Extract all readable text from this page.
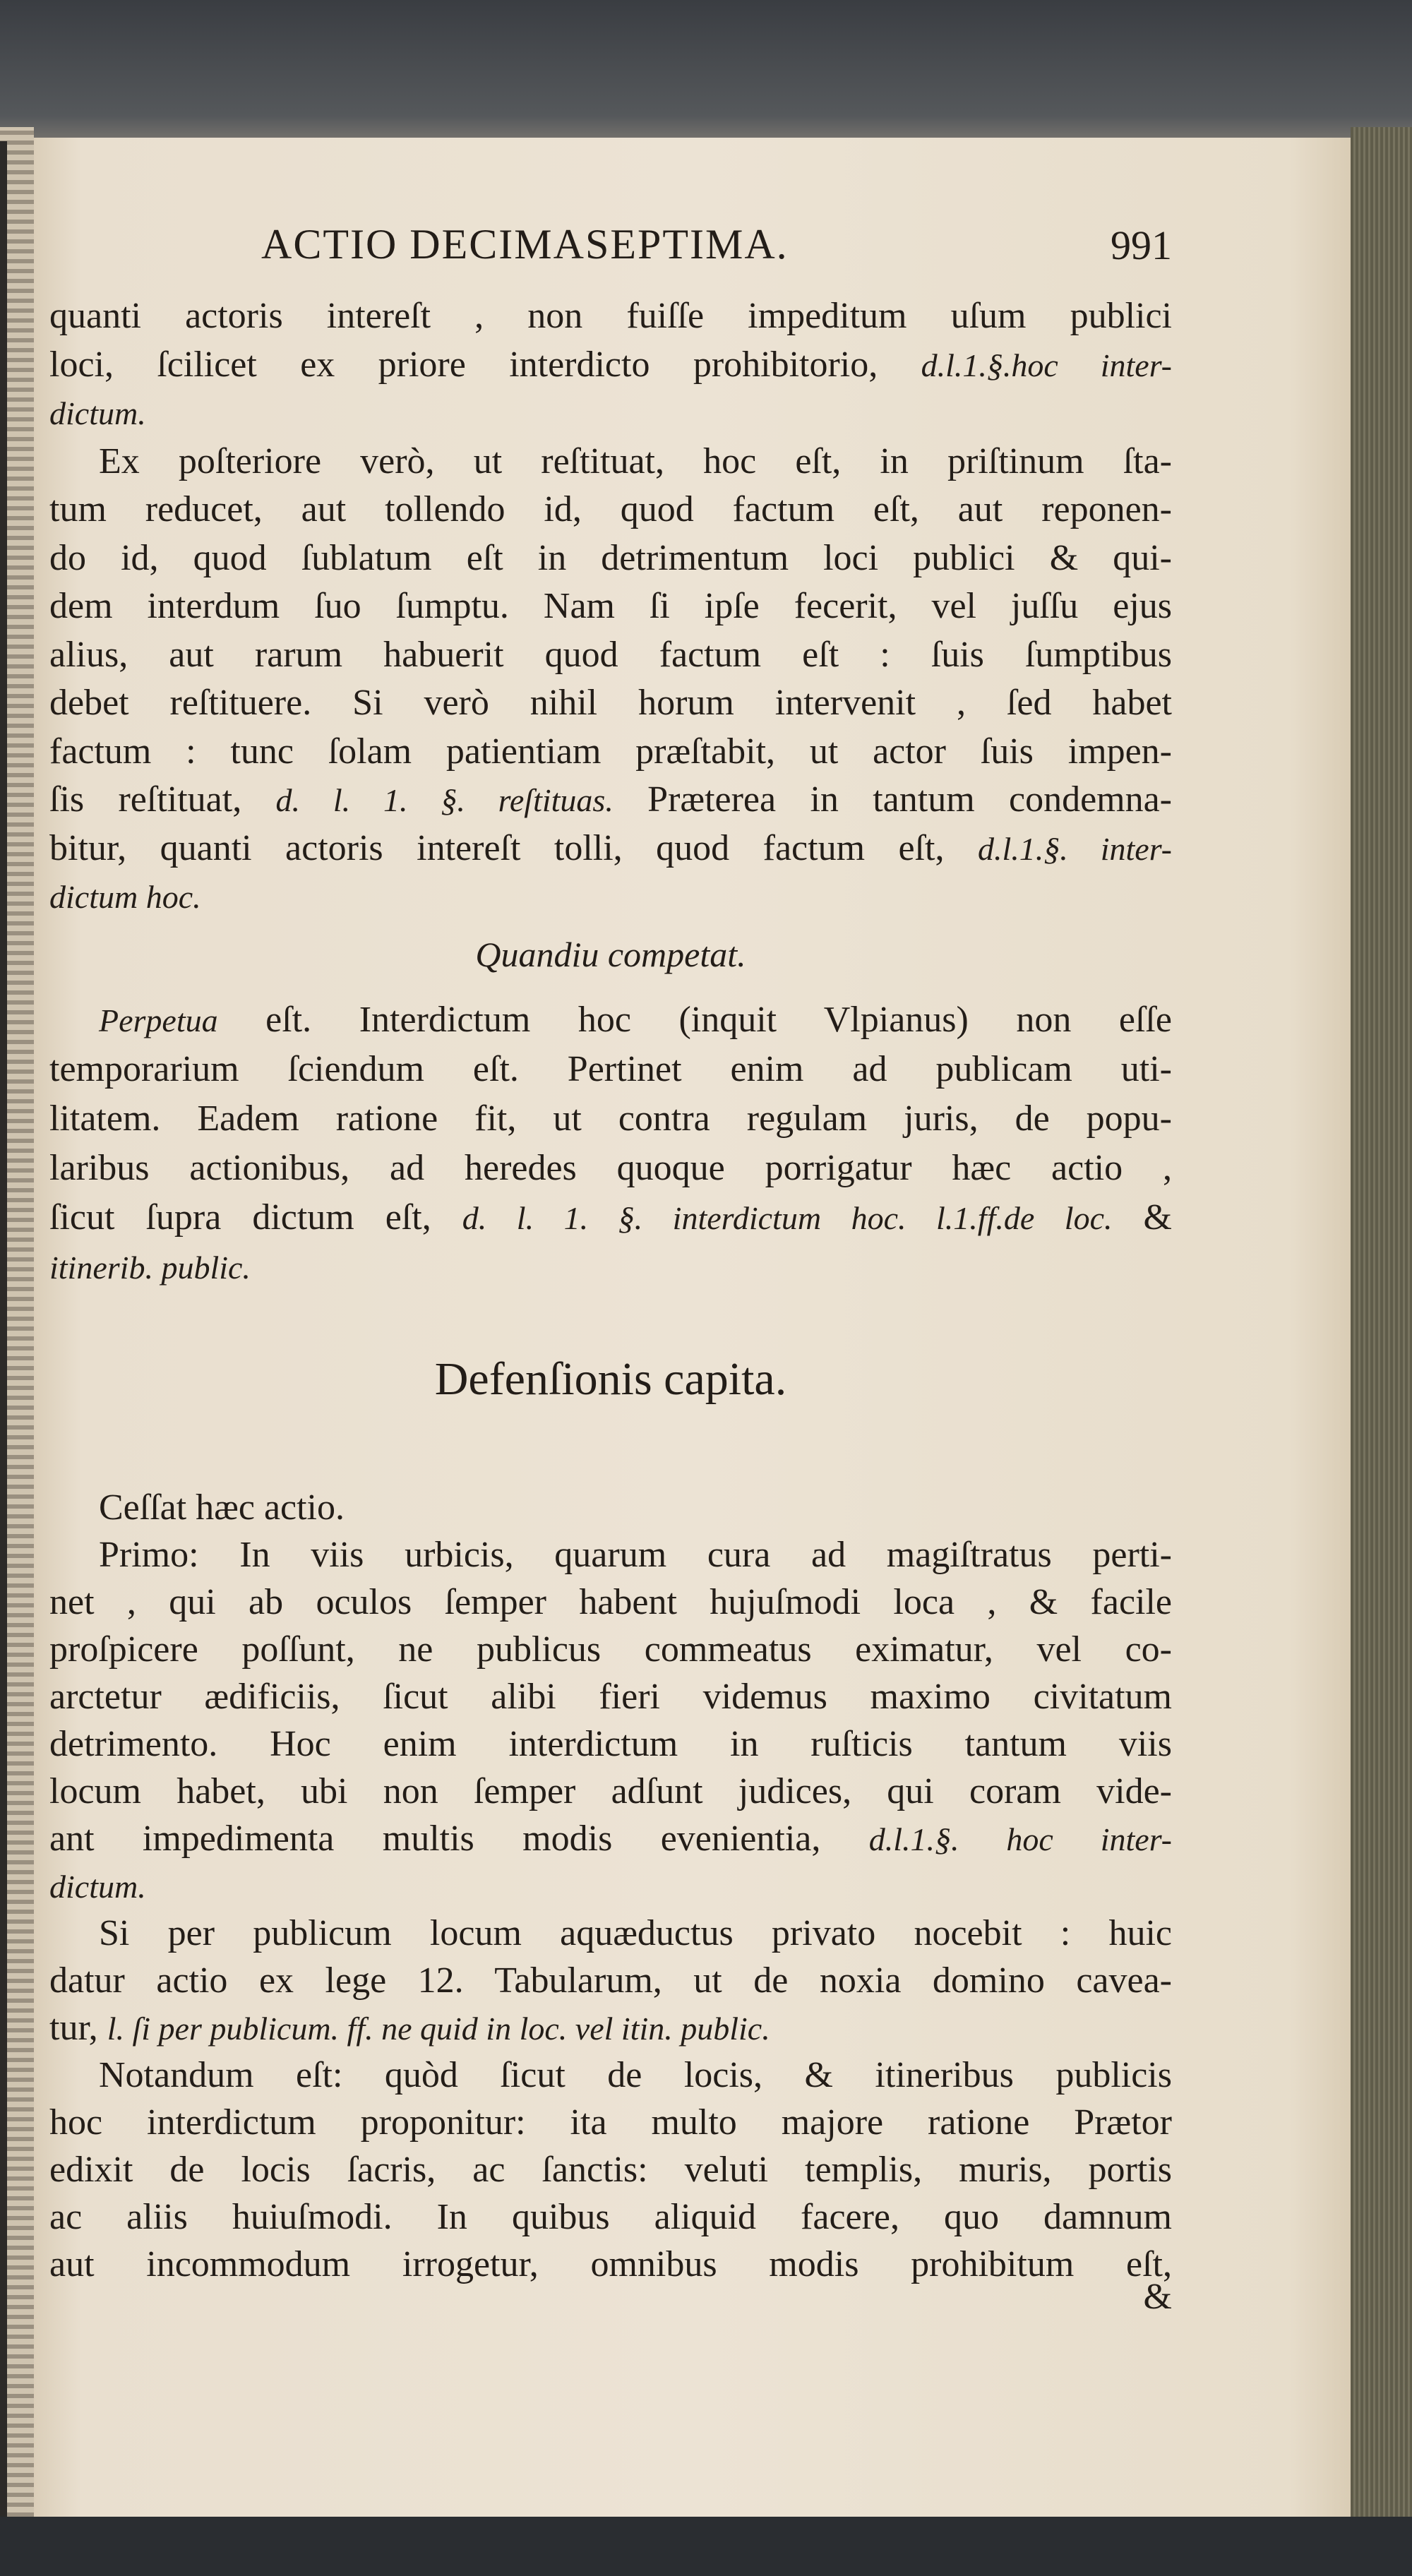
ACTIO DECIMASEPTIMA.	991
quanti actoris intereſt , non fuiſſe impeditum uſum publici
loci, ſcilicet ex priore interdicto prohibitorio, d.l.1.§.hoc inter-
dictum.
Ex poſteriore verò, ut reſtituat, hoc eſt, in priſtinum ſta-
tum reducet, aut tollendo id, quod factum eſt, aut reponen-
do id, quod ſublatum eſt in detrimentum loci publici & qui-
dem interdum ſuo ſumptu. Nam ſi ipſe fecerit, vel juſſu ejus
alius, aut rarum habuerit quod factum eſt : ſuis ſumptibus
debet reſtituere. Si verò nihil horum intervenit , ſed habet
factum : tunc ſolam patientiam præſtabit, ut actor ſuis impen-
ſis reſtituat, d. l. 1. §. reſtituas. Præterea in tantum condemna-
bitur, quanti actoris intereſt tolli, quod factum eſt, d.l.1.§. inter-
dictum hoc.
Quandiu competat.
Perpetua eſt. Interdictum hoc (inquit Vlpianus) non eſſe
temporarium ſciendum eſt. Pertinet enim ad publicam uti-
litatem. Eadem ratione fit, ut contra regulam juris, de popu-
laribus actionibus, ad heredes quoque porrigatur hæc actio ,
ſicut ſupra dictum eſt, d. l. 1. §. interdictum hoc. l.1.ff.de loc. &
itinerib. public.
Defenſionis capita.
Ceſſat hæc actio.
Primo: In viis urbicis, quarum cura ad magiſtratus perti-
net , qui ab oculos ſemper habent hujuſmodi loca , & facile
proſpicere poſſunt, ne publicus commeatus eximatur, vel co-
arctetur ædificiis, ſicut alibi fieri videmus maximo civitatum
detrimento. Hoc enim interdictum in ruſticis tantum viis
locum habet, ubi non ſemper adſunt judices, qui coram vide-
ant impedimenta multis modis evenientia, d.l.1.§. hoc inter-
dictum.
Si per publicum locum aquæductus privato nocebit : huic
datur actio ex lege 12. Tabularum, ut de noxia domino cavea-
tur, l. ſi per publicum. ff. ne quid in loc. vel itin. public.
Notandum eſt: quòd ſicut de locis, & itineribus publicis
hoc interdictum proponitur: ita multo majore ratione Prætor
edixit de locis ſacris, ac ſanctis: veluti templis, muris, portis
ac aliis huiuſmodi. In quibus aliquid facere, quo damnum
aut incommodum irrogetur, omnibus modis prohibitum eſt,
&
